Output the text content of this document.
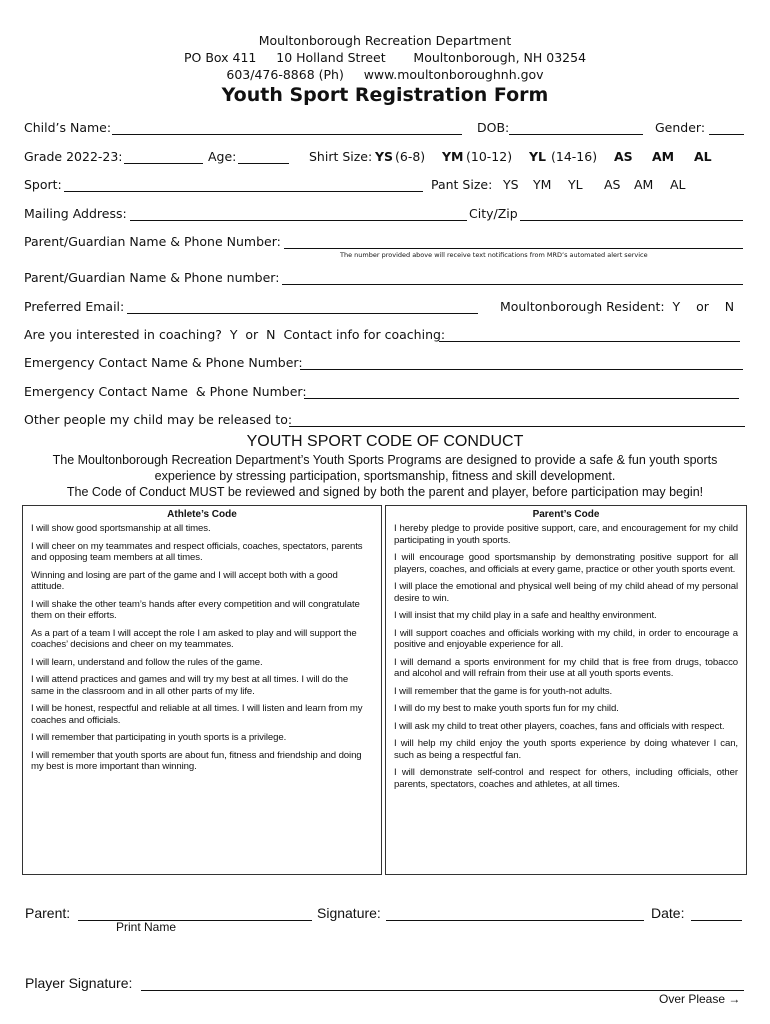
Moultonborough Recreation Department
PO Box 411     10 Holland Street       Moultonborough, NH 03254
603/476-8868 (Ph)     www.moultonboroughnh.gov
Youth Sport Registration Form
Child’s Name:	DOB:	Gender:
Grade 2022-23:	Age:	Shirt Size: YS (6-8) YM (10-12) YL (14-16) AS AM AL
Sport:	Pant Size: YS YM YL AS AM AL
Mailing Address:	City/Zip
Parent/Guardian Name & Phone Number:
The number provided above will receive text notifications from MRD’s automated alert service
Parent/Guardian Name & Phone number:
Preferred Email:	Moultonborough Resident:  Y    or    N
Are you interested in coaching?  Y  or  N  Contact info for coaching:
Emergency Contact Name & Phone Number:
Emergency Contact Name  & Phone Number:
Other people my child may be released to:
YOUTH SPORT CODE OF CONDUCT
The Moultonborough Recreation Department’s Youth Sports Programs are designed to provide a safe & fun youth sports
experience by stressing participation, sportsmanship, fitness and skill development.
The Code of Conduct MUST be reviewed and signed by both the parent and player, before participation may begin!
Athlete’s Code
I will show good sportsmanship at all times.
I will cheer on my teammates and respect officials, coaches, spectators, parents and opposing team members at all times.
Winning and losing are part of the game and I will accept both with a good attitude.
I will shake the other team’s hands after every competition and will congratulate them on their efforts.
As a part of a team I will accept the role I am asked to play and will support the coaches’ decisions and cheer on my teammates.
I will learn, understand and follow the rules of the game.
I will attend practices and games and will try my best at all times. I will do the same in the classroom and in all other parts of my life.
I will be honest, respectful and reliable at all times. I will listen and learn from my coaches and officials.
I will remember that participating in youth sports is a privilege.
I will remember that youth sports are about fun, fitness and friendship and doing my best is more important than winning.
Parent’s Code
I hereby pledge to provide positive support, care, and encouragement for my child participating in youth sports.
I will encourage good sportsmanship by demonstrating positive support for all players, coaches, and officials at every game, practice or other youth sports event.
I will place the emotional and physical well being of my child ahead of my personal desire to win.
I will insist that my child play in a safe and healthy environment.
I will support coaches and officials working with my child, in order to encourage a positive and enjoyable experience for all.
I will demand a sports environment for my child that is free from drugs, tobacco and alcohol and will refrain from their use at all youth sports events.
I will remember that the game is for youth-not adults.
I will do my best to make youth sports fun for my child.
I will ask my child to treat other players, coaches, fans and officials with respect.
I will help my child enjoy the youth sports experience by doing whatever I can, such as being a respectful fan.
I will demonstrate self-control and respect for others, including officials, other parents, spectators, coaches and athletes, at all times.
Parent:
Print Name
Signature:	Date:
Player Signature:
Over Please →
